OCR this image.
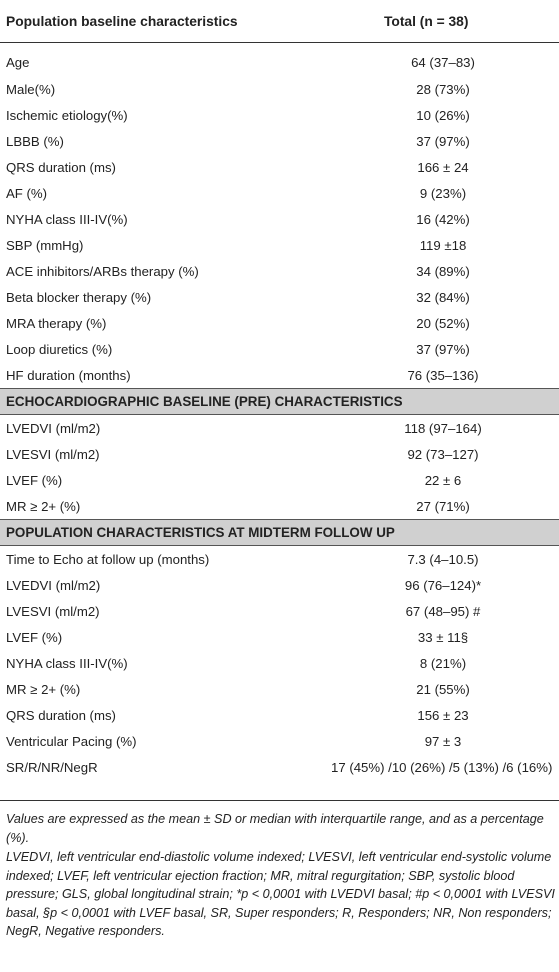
Population baseline characteristics	Total (n = 38)
Age	64 (37–83)
Male(%)	28 (73%)
Ischemic etiology(%)	10 (26%)
LBBB (%)	37 (97%)
QRS duration (ms)	166 ± 24
AF (%)	9 (23%)
NYHA class III-IV(%)	16 (42%)
SBP (mmHg)	119 ±18
ACE inhibitors/ARBs therapy (%)	34 (89%)
Beta blocker therapy (%)	32 (84%)
MRA therapy (%)	20 (52%)
Loop diuretics (%)	37 (97%)
HF duration (months)	76 (35–136)
ECHOCARDIOGRAPHIC BASELINE (PRE) CHARACTERISTICS	
LVEDVI (ml/m2)	118 (97–164)
LVESVI (ml/m2)	92 (73–127)
LVEF (%)	22 ± 6
MR ≥ 2+ (%)	27 (71%)
POPULATION CHARACTERISTICS AT MIDTERM FOLLOW UP	
Time to Echo at follow up (months)	7.3 (4–10.5)
LVEDVI (ml/m2)	96 (76–124)*
LVESVI (ml/m2)	67 (48–95) #
LVEF (%)	33 ± 11§
NYHA class III-IV(%)	8 (21%)
MR ≥ 2+ (%)	21 (55%)
QRS duration (ms)	156 ± 23
Ventricular Pacing (%)	97 ± 3
SR/R/NR/NegR	17 (45%) /10 (26%) /5 (13%) /6 (16%)

Values are expressed as the mean ± SD or median with interquartile range, and as a percentage (%).

LVEDVI, left ventricular end-diastolic volume indexed; LVESVI, left ventricular end-systolic volume indexed; LVEF, left ventricular ejection fraction; MR, mitral regurgitation; SBP, systolic blood pressure; GLS, global longitudinal strain; *p < 0,0001 with LVEDVI basal; #p < 0,0001 with LVESVI basal, §p < 0,0001 with LVEF basal, SR, Super responders; R, Responders; NR, Non responders; NegR, Negative responders.
